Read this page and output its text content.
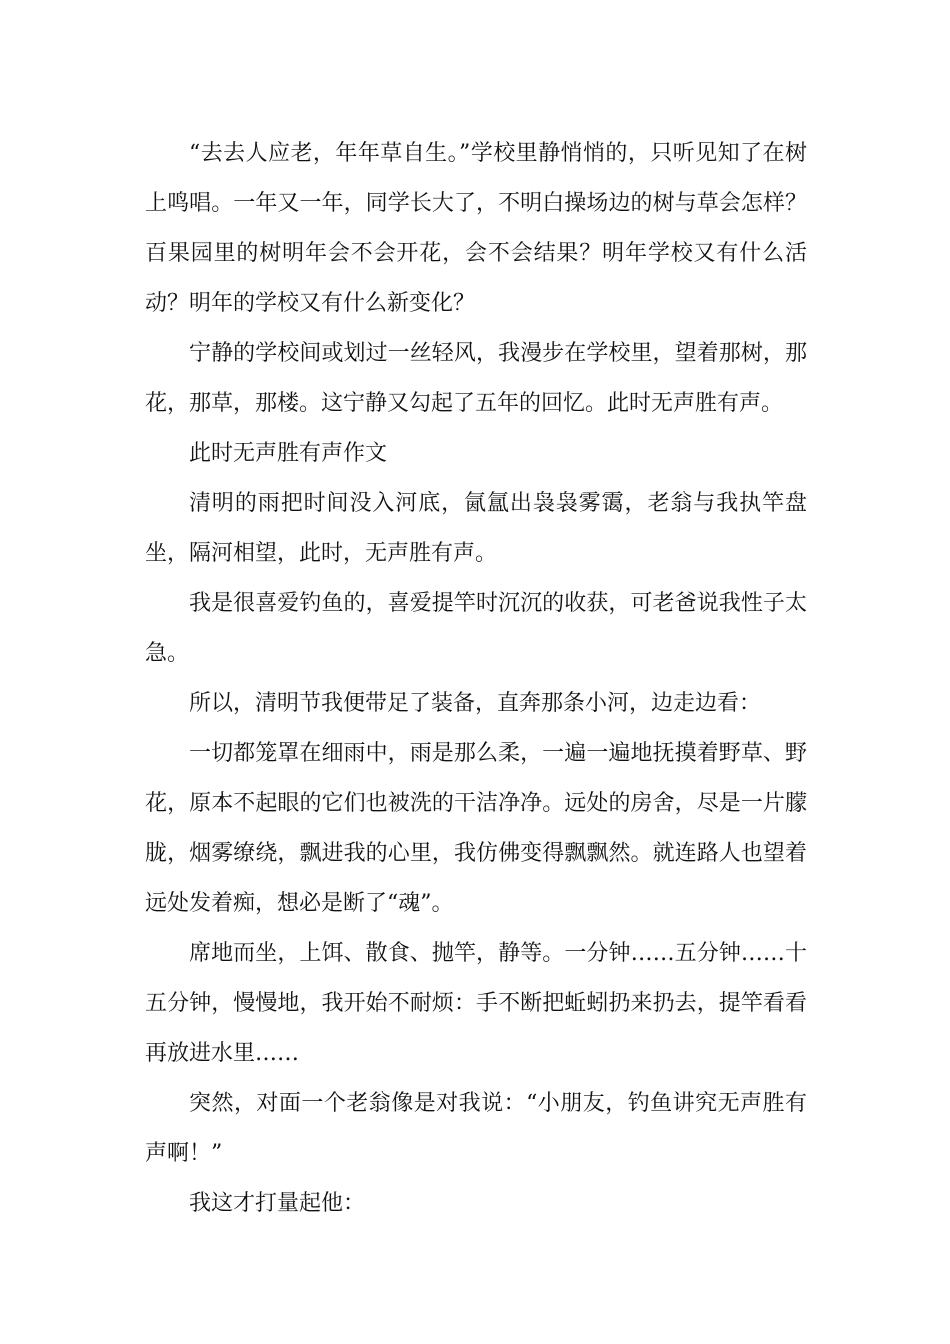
“去去人应老，年年草自生。”学校里静悄悄的，只听见知了在树上鸣唱。一年又一年，同学长大了，不明白操场边的树与草会怎样？百果园里的树明年会不会开花，会不会结果？明年学校又有什么活动？明年的学校又有什么新变化？

宁静的学校间或划过一丝轻风，我漫步在学校里，望着那树，那花，那草，那楼。这宁静又勾起了五年的回忆。此时无声胜有声。

此时无声胜有声作文

清明的雨把时间没入河底，氤氲出袅袅雾霭，老翁与我执竿盘坐，隔河相望，此时，无声胜有声。

我是很喜爱钓鱼的，喜爱提竿时沉沉的收获，可老爸说我性子太急。

所以，清明节我便带足了装备，直奔那条小河，边走边看：

一切都笼罩在细雨中，雨是那么柔，一遍一遍地抚摸着野草、野花，原本不起眼的它们也被洗的干洁净净。远处的房舍，尽是一片朦胧，烟雾缭绕，飘进我的心里，我仿佛变得飘飘然。就连路人也望着远处发着痴，想必是断了“魂”。

席地而坐，上饵、散食、抛竿，静等。一分钟……五分钟……十五分钟，慢慢地，我开始不耐烦：手不断把蚯蚓扔来扔去，提竿看看再放进水里……

突然，对面一个老翁像是对我说：“小朋友，钓鱼讲究无声胜有声啊！”

我这才打量起他：
